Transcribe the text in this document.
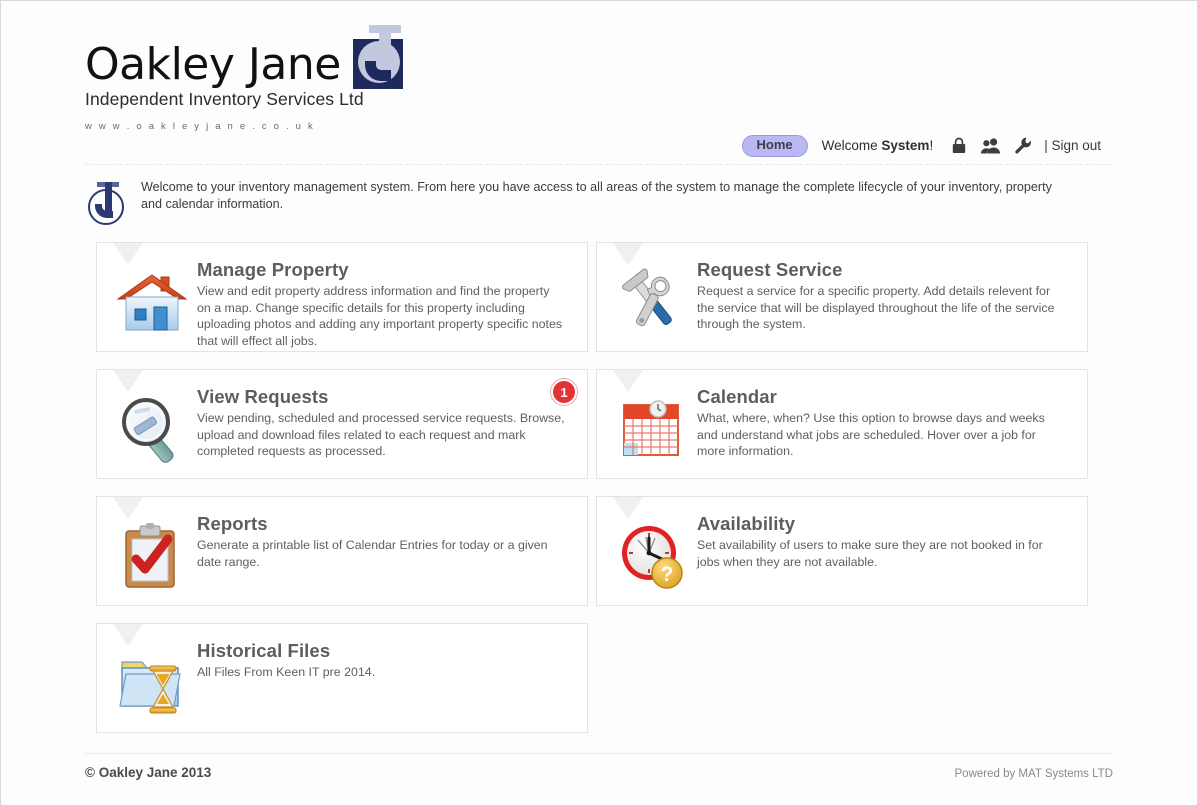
Oakley Jane
Independent Inventory Services Ltd
w w w . o a k l e y j a n e . c o . u k
Home	Welcome System!	| Sign out
Welcome to your inventory management system. From here you have access to all areas of the system to manage the complete lifecycle of your inventory, property and calendar information.
Manage Property
View and edit property address information and find the property on a map. Change specific details for this property including uploading photos and adding any important property specific notes that will effect all jobs.
Request Service
Request a service for a specific property. Add details relevent for the service that will be displayed throughout the life of the service through the system.
1
View Requests
View pending, scheduled and processed service requests. Browse, upload and download files related to each request and mark completed requests as processed.
Calendar
What, where, when? Use this option to browse days and weeks and understand what jobs are scheduled. Hover over a job for more information.
Reports
Generate a printable list of Calendar Entries for today or a given date range.
?
Availability
Set availability of users to make sure they are not booked in for jobs when they are not available.
Historical Files
All Files From Keen IT pre 2014.
© Oakley Jane 2013	Powered by MAT Systems LTD
